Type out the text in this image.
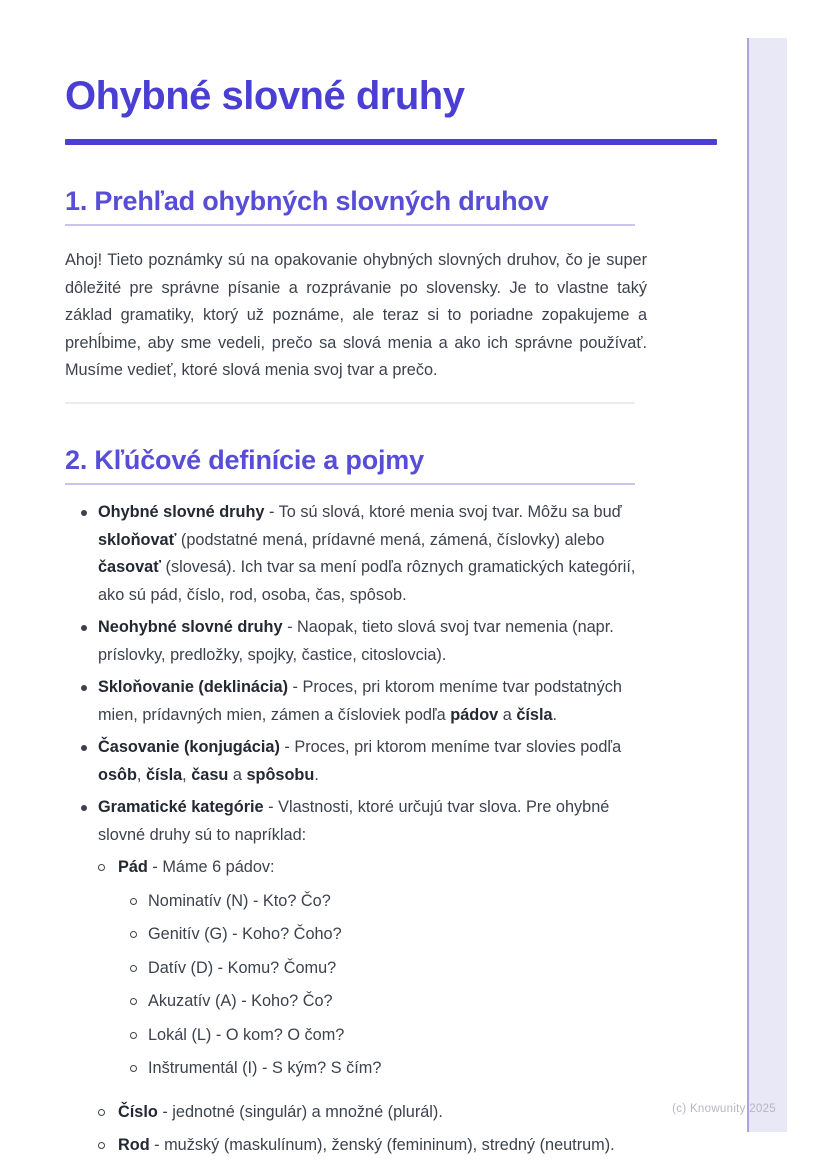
(c) Knowunity 2025
Ohybné slovné druhy
1. Prehľad ohybných slovných druhov

Ahoj! Tieto poznámky sú na opakovanie ohybných slovných druhov, čo je super dôležité pre správne písanie a rozprávanie po slovensky. Je to vlastne taký základ gramatiky, ktorý už poznáme, ale teraz si to poriadne zopakujeme a prehĺbime, aby sme vedeli, prečo sa slová menia a ako ich správne používať. Musíme vedieť, ktoré slová menia svoj tvar a prečo.

2. Kľúčové definície a pojmy
Ohybné slovné druhy - To sú slová, ktoré menia svoj tvar. Môžu sa buď skloňovať (podstatné mená, prídavné mená, zámená, číslovky) alebo časovať (slovesá). Ich tvar sa mení podľa rôznych gramatických kategórií, ako sú pád, číslo, rod, osoba, čas, spôsob.
Neohybné slovné druhy - Naopak, tieto slová svoj tvar nemenia (napr. príslovky, predložky, spojky, častice, citoslovcia).
Skloňovanie (deklinácia) - Proces, pri ktorom meníme tvar podstatných mien, prídavných mien, zámen a čísloviek podľa pádov a čísla.
Časovanie (konjugácia) - Proces, pri ktorom meníme tvar slovies podľa osôb, čísla, času a spôsobu.
Gramatické kategórie - Vlastnosti, ktoré určujú tvar slova. Pre ohybné slovné druhy sú to napríklad:
Pád - Máme 6 pádov:
Nominatív (N) - Kto? Čo?
Genitív (G) - Koho? Čoho?
Datív (D) - Komu? Čomu?
Akuzatív (A) - Koho? Čo?
Lokál (L) - O kom? O čom?
Inštrumentál (I) - S kým? S čím?
Číslo - jednotné (singulár) a množné (plurál).
Rod - mužský (maskulínum), ženský (femininum), stredný (neutrum).
